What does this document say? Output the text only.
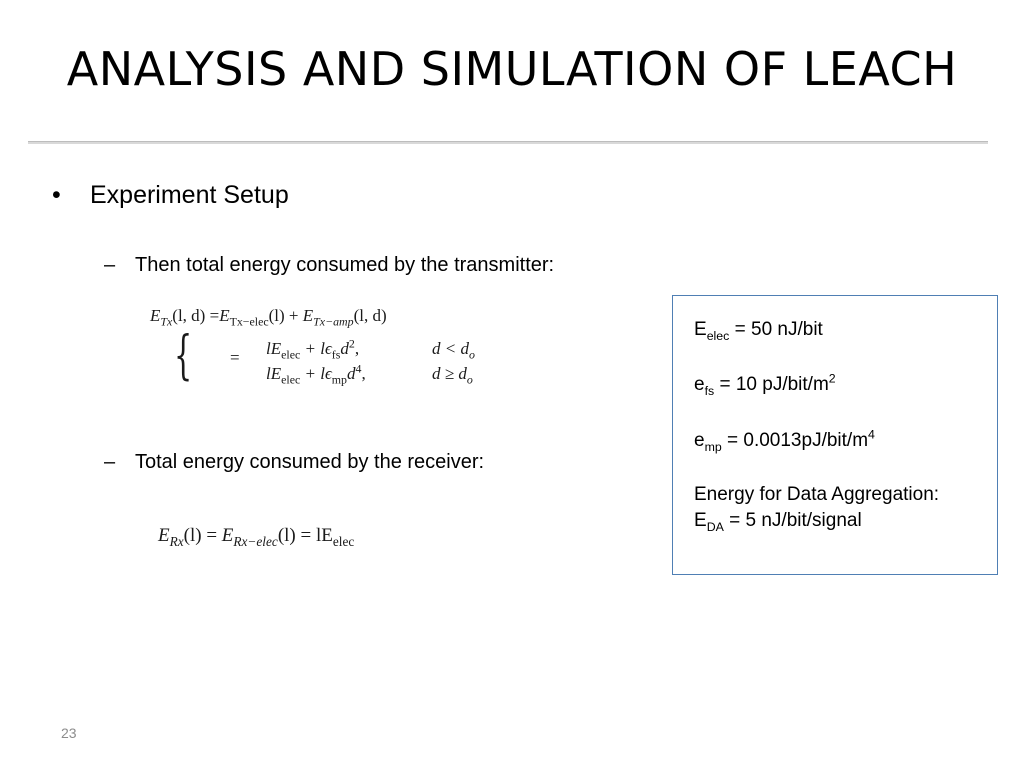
ANALYSIS AND SIMULATION OF LEACH
• Experiment Setup
– Then total energy consumed by the transmitter:
$E_{Tx}(l$, $d) =E_{Tx-elec}(l) + E_{Tx-amp}(l$, d)
=
{	$lE_{elec} + l\epsilon_{fs}d^2$,	$d < d_o$
$lE_{elec} + l\epsilon_{mp}d^4$,	$d \ge d_o$
– Total energy consumed by the receiver:
$E_{Rx}(l) = E_{Rx-elec}(l) = lE_{elec}$
$E_{elec} = 50$ nJ/bit
$e_{fs} = 10$ $pJ/bit/m^2$
$e_{mp} = 0.0013pJ/bit/m^4$
Energy for Data Aggregation:
$E_{DA} = 5$ nJ/bit/signal
23
